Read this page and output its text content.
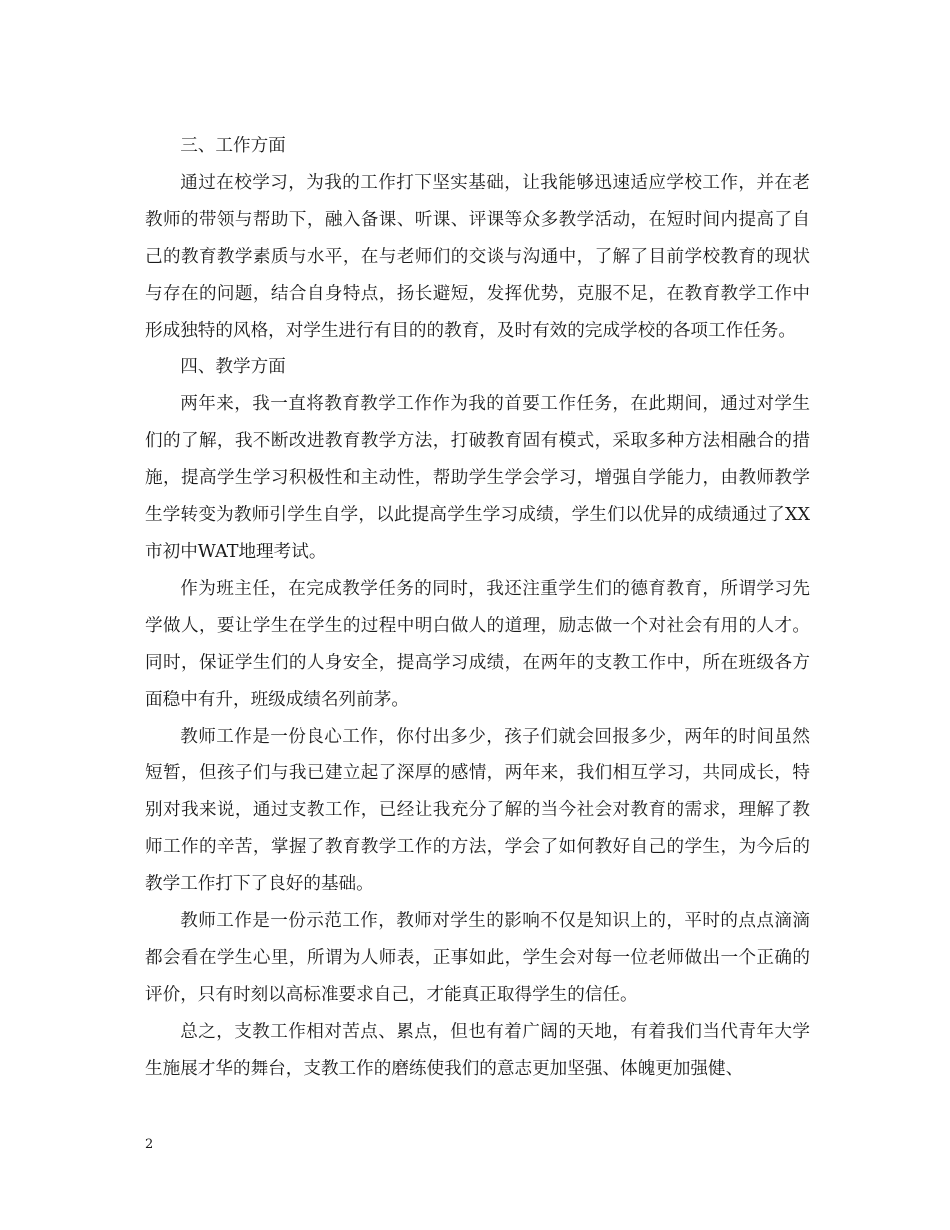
三、工作方面

通过在校学习，为我的工作打下坚实基础，让我能够迅速适应学校工作，并在老教师的带领与帮助下，融入备课、听课、评课等众多教学活动，在短时间内提高了自己的教育教学素质与水平，在与老师们的交谈与沟通中，了解了目前学校教育的现状与存在的问题，结合自身特点，扬长避短，发挥优势，克服不足，在教育教学工作中形成独特的风格，对学生进行有目的的教育，及时有效的完成学校的各项工作任务。

四、教学方面

两年来，我一直将教育教学工作作为我的首要工作任务，在此期间，通过对学生们的了解，我不断改进教育教学方法，打破教育固有模式，采取多种方法相融合的措施，提高学生学习积极性和主动性，帮助学生学会学习，增强自学能力，由教师教学生学转变为教师引学生自学，以此提高学生学习成绩，学生们以优异的成绩通过了XX市初中WAT地理考试。

作为班主任，在完成教学任务的同时，我还注重学生们的德育教育，所谓学习先学做人，要让学生在学生的过程中明白做人的道理，励志做一个对社会有用的人才。同时，保证学生们的人身安全，提高学习成绩，在两年的支教工作中，所在班级各方面稳中有升，班级成绩名列前茅。

教师工作是一份良心工作，你付出多少，孩子们就会回报多少，两年的时间虽然短暂，但孩子们与我已建立起了深厚的感情，两年来，我们相互学习，共同成长，特别对我来说，通过支教工作，已经让我充分了解的当今社会对教育的需求，理解了教师工作的辛苦，掌握了教育教学工作的方法，学会了如何教好自己的学生，为今后的教学工作打下了良好的基础。

教师工作是一份示范工作，教师对学生的影响不仅是知识上的，平时的点点滴滴都会看在学生心里，所谓为人师表，正事如此，学生会对每一位老师做出一个正确的评价，只有时刻以高标准要求自己，才能真正取得学生的信任。

总之，支教工作相对苦点、累点，但也有着广阔的天地，有着我们当代青年大学生施展才华的舞台，支教工作的磨练使我们的意志更加坚强、体魄更加强健、

2
